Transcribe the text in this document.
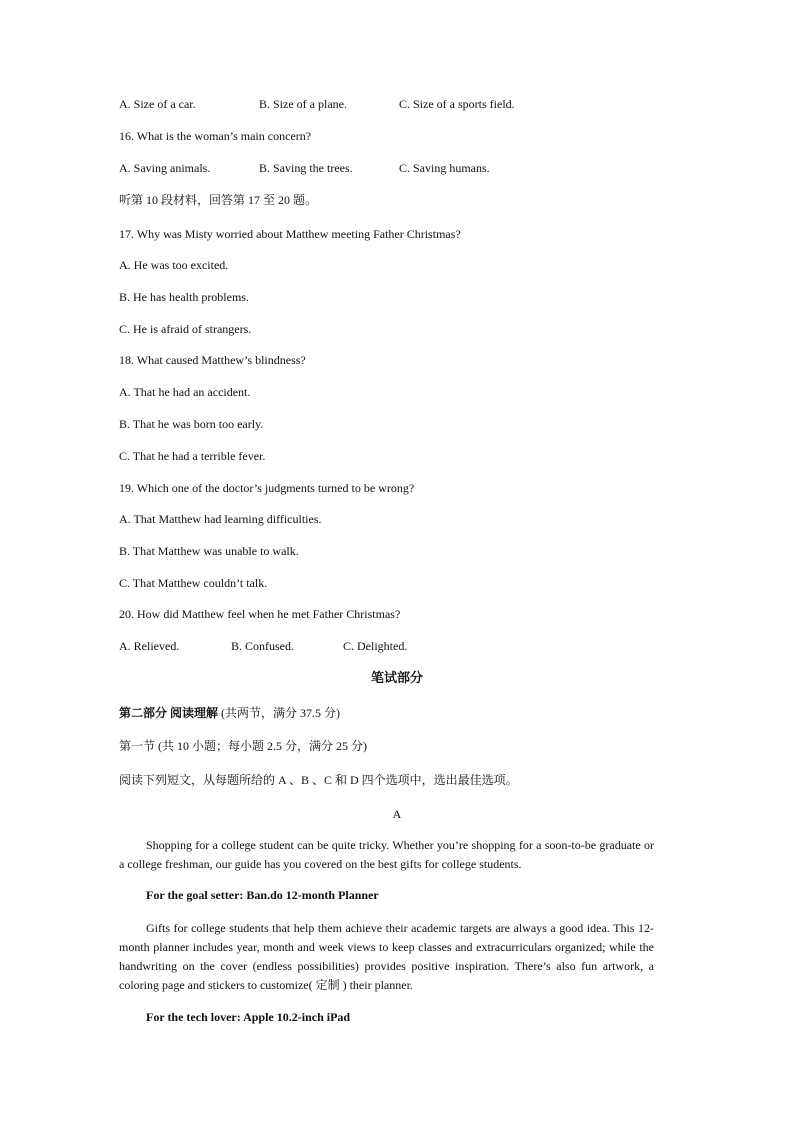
A. Size of a car.	B. Size of a plane.	C. Size of a sports field.
16. What is the woman’s main concern?
A. Saving animals.	B. Saving the trees.	C. Saving humans.
听第 10 段材料，回答第 17 至 20 题。
17. Why was Misty worried about Matthew meeting Father Christmas?
A. He was too excited.
B. He has health problems.
C. He is afraid of strangers.
18. What caused Matthew’s blindness?
A. That he had an accident.
B. That he was born too early.
C. That he had a terrible fever.
19. Which one of the doctor’s judgments turned to be wrong?
A. That Matthew had learning difficulties.
B. That Matthew was unable to walk.
C. That Matthew couldn’t talk.
20. How did Matthew feel when he met Father Christmas?
A. Relieved.	B. Confused.	C. Delighted.
笔试部分
第二部分 阅读理解 (共两节，满分 37.5 分)
第一节 (共 10 小题；每小题 2.5 分，满分 25 分)
阅读下列短文，从每题所给的 A 、B 、C 和 D 四个选项中，选出最佳选项。
A
Shopping for a college student can be quite tricky. Whether you’re shopping for a soon-to-be graduate or a college freshman, our guide has you covered on the best gifts for college students.
For the goal setter: Ban.do 12-month Planner
Gifts for college students that help them achieve their academic targets are always a good idea. This 12-month planner includes year, month and week views to keep classes and extracurriculars organized; while the handwriting on the cover (endless possibilities) provides positive inspiration. There’s also fun artwork, a coloring page and stickers to customize( 定制 ) their planner.
For the tech lover: Apple 10.2-inch iPad
